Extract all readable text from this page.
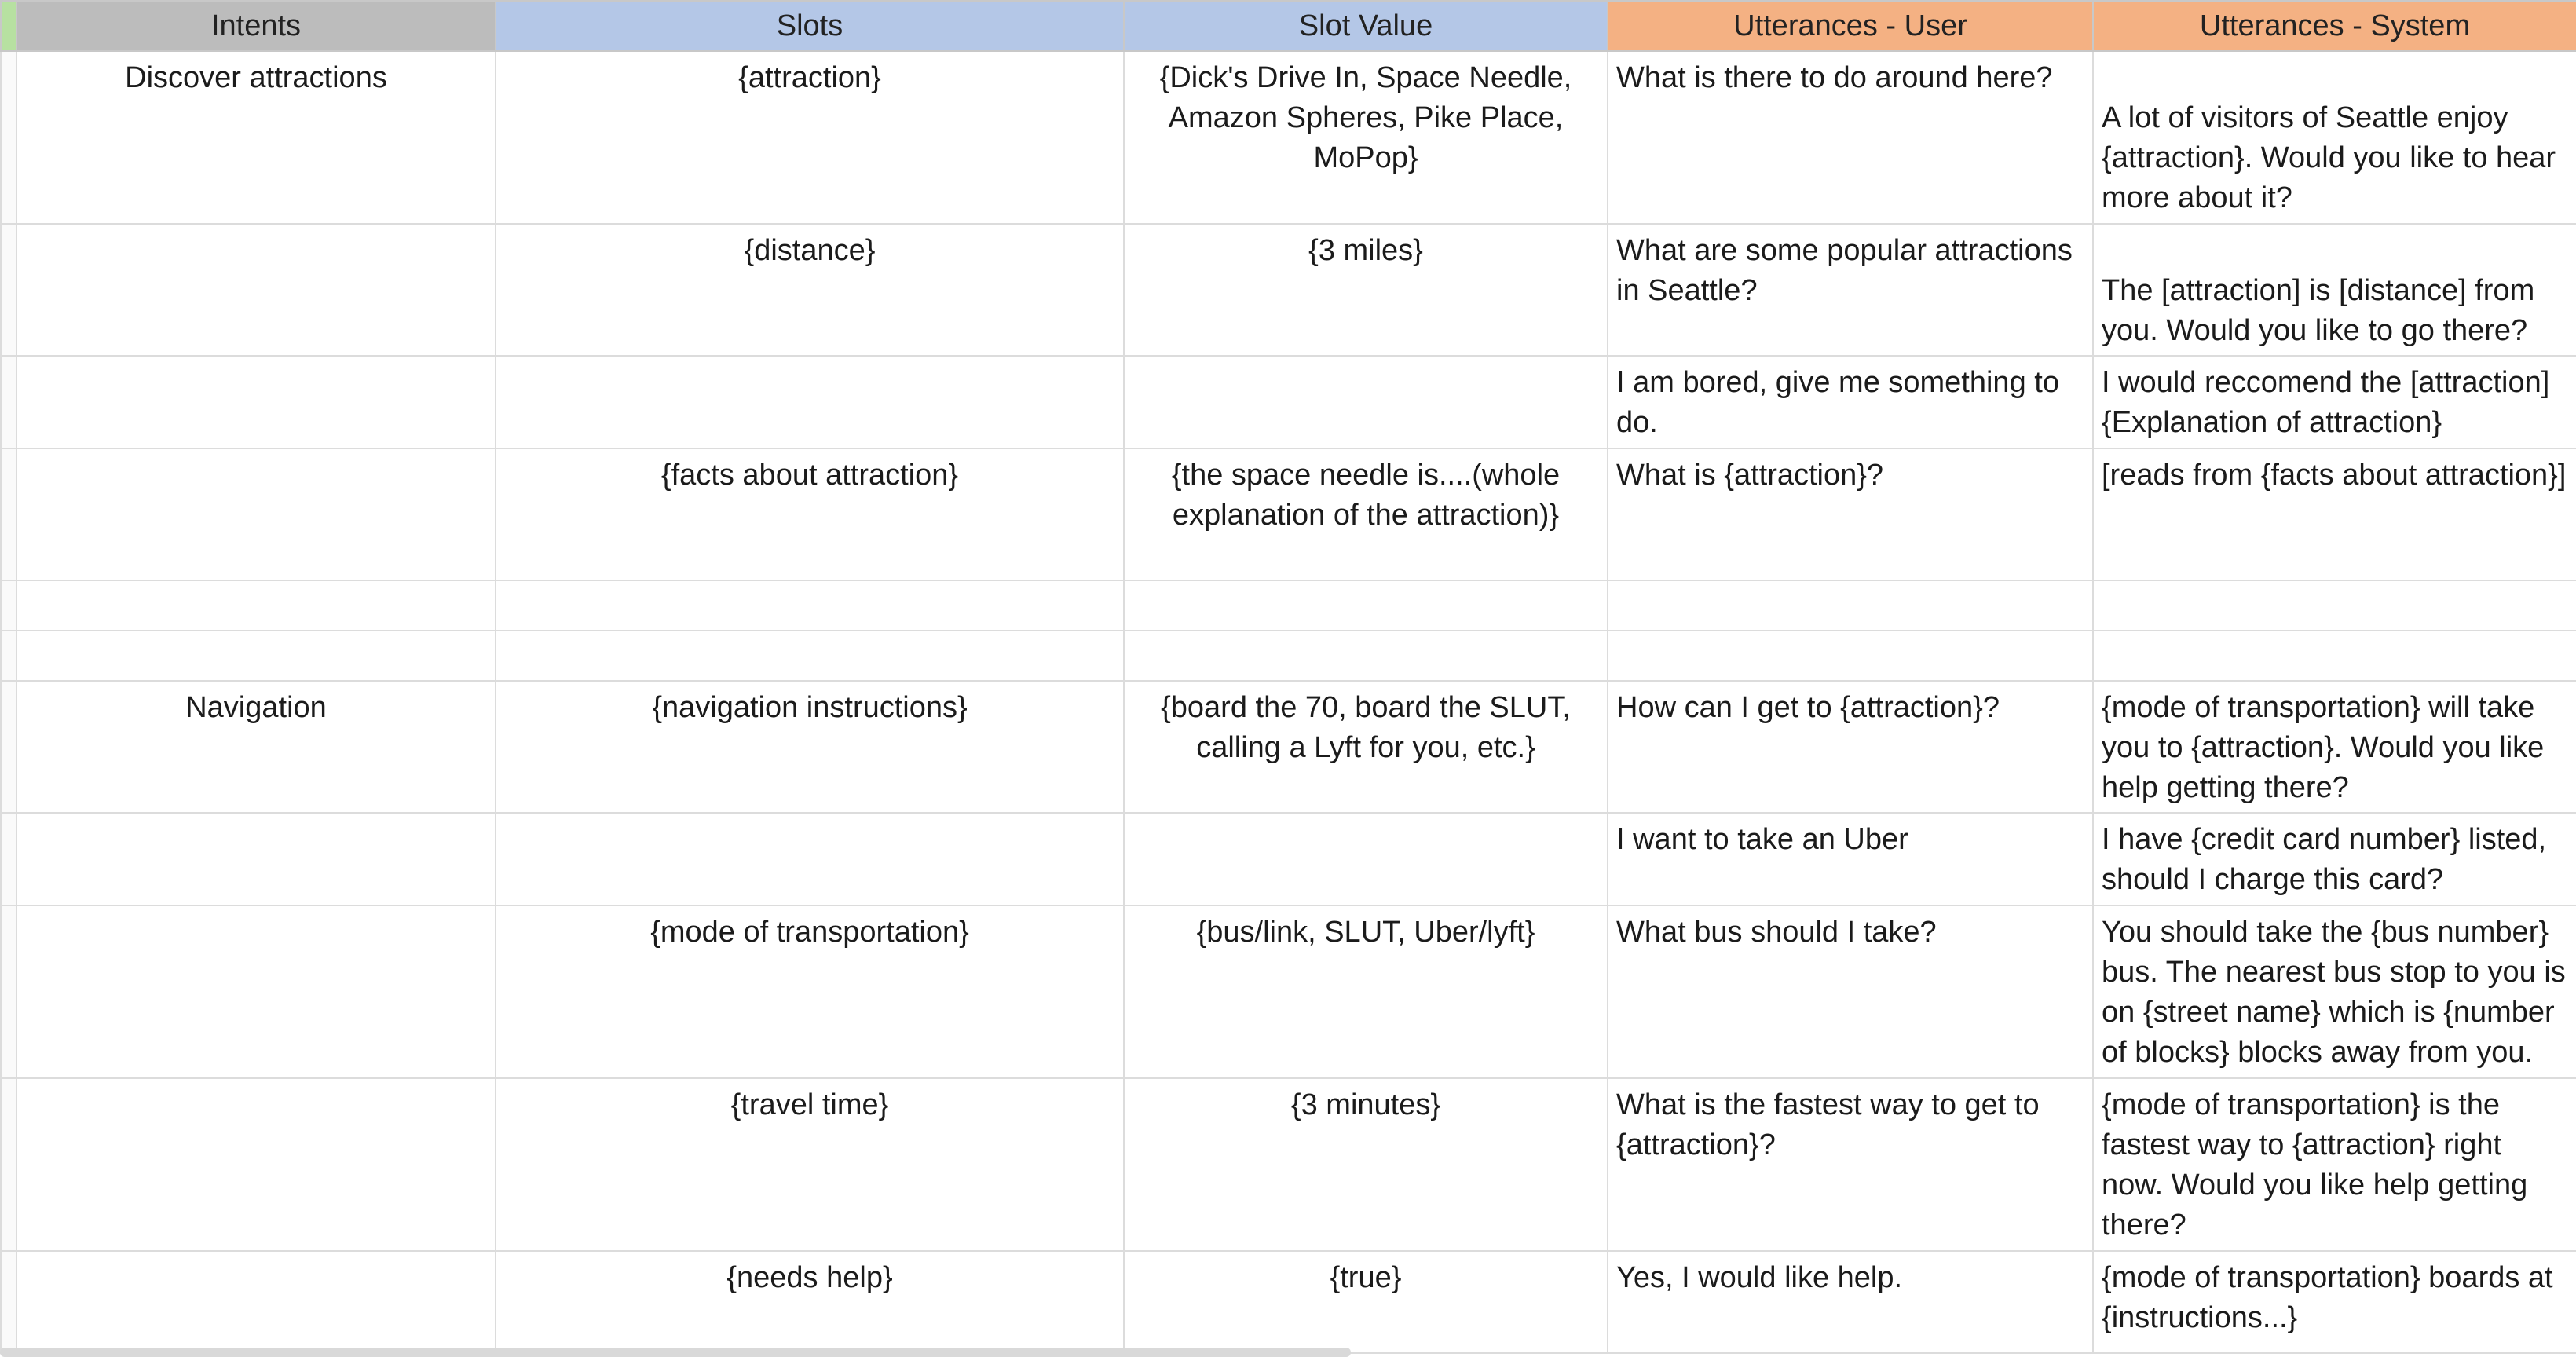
	Intents	Slots	Slot Value	Utterances - User	Utterances - System
	Discover attractions	{attraction}	{Dick's Drive In, Space Needle, Amazon Spheres, Pike Place, MoPop}	What is there to do around here?	A lot of visitors of Seattle enjoy {attraction}. Would you like to hear more about it?
		{distance}	{3 miles}	What are some popular attractions in Seattle?	The [attraction] is [distance] from you. Would you like to go there?
				I am bored, give me something to do.	I would reccomend the [attraction] {Explanation of attraction}
		{facts about attraction}	{the space needle is....(whole explanation of the attraction)}	What is {attraction}?	[reads from {facts about attraction}]

	Navigation	{navigation instructions}	{board the 70, board the SLUT, calling a Lyft for you, etc.}	How can I get to {attraction}?	{mode of transportation} will take you to {attraction}. Would you like help getting there?
				I want to take an Uber	I have {credit card number} listed, should I charge this card?
		{mode of transportation}	{bus/link, SLUT, Uber/lyft}	What bus should I take?	You should take the {bus number} bus. The nearest bus stop to you is on {street name} which is {number of blocks} blocks away from you.
		{travel time}	{3 minutes}	What is the fastest way to get to {attraction}?	{mode of transportation} is the fastest way to {attraction} right now. Would you like help getting there?
		{needs help}	{true}	Yes, I would like help.	{mode of transportation} boards at {instructions...}
